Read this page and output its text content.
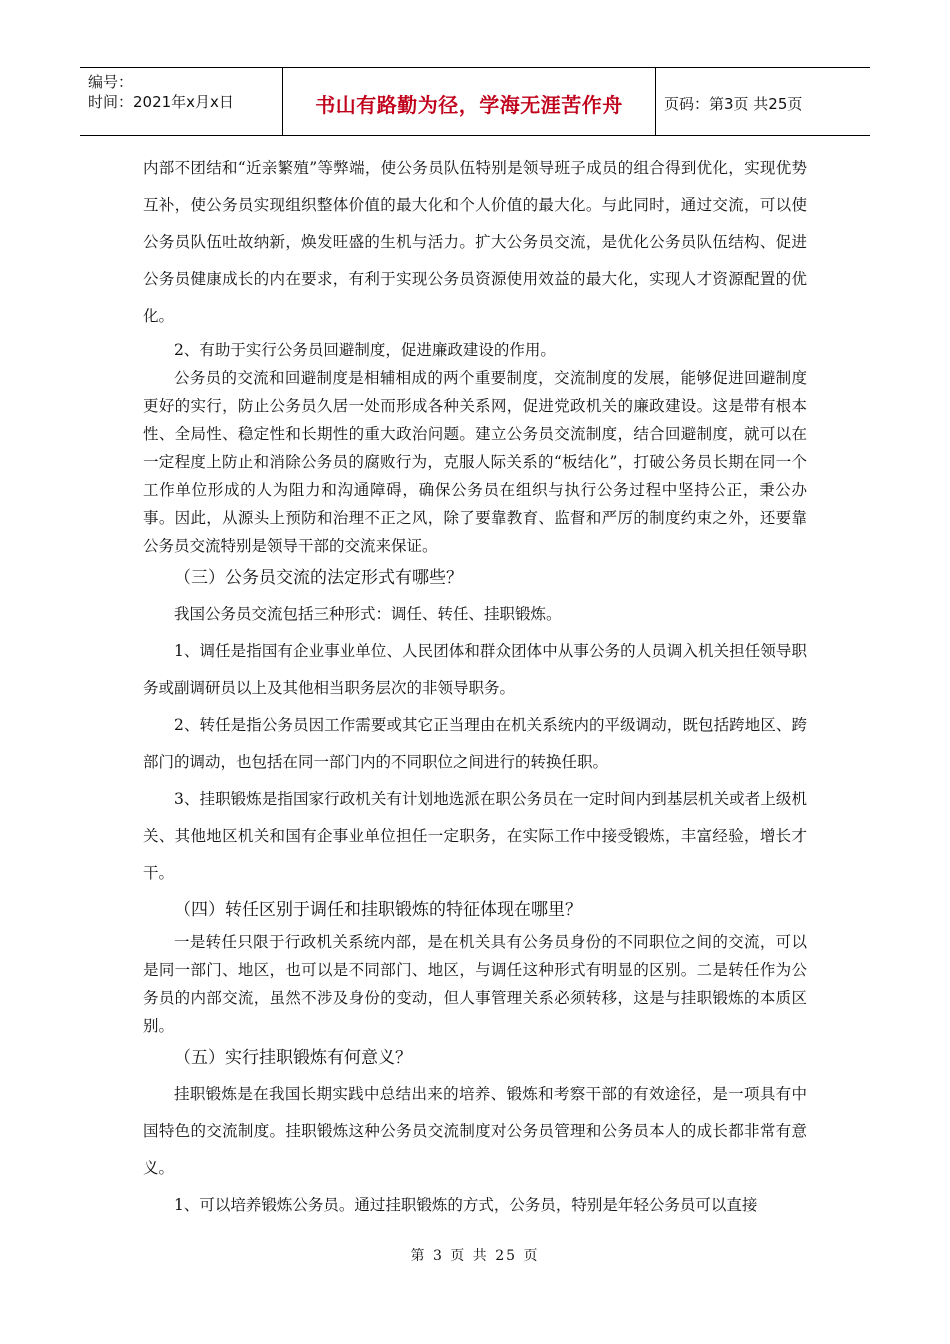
编号：
时间：2021年x月x日	书山有路勤为径，学海无涯苦作舟	页码：第3页 共25页

内部不团结和“近亲繁殖”等弊端，使公务员队伍特别是领导班子成员的组合得到优化，实现优势互补，使公务员实现组织整体价值的最大化和个人价值的最大化。与此同时，通过交流，可以使公务员队伍吐故纳新，焕发旺盛的生机与活力。扩大公务员交流，是优化公务员队伍结构、促进公务员健康成长的内在要求，有利于实现公务员资源使用效益的最大化，实现人才资源配置的优化。

2、有助于实行公务员回避制度，促进廉政建设的作用。

公务员的交流和回避制度是相辅相成的两个重要制度，交流制度的发展，能够促进回避制度更好的实行，防止公务员久居一处而形成各种关系网，促进党政机关的廉政建设。这是带有根本性、全局性、稳定性和长期性的重大政治问题。建立公务员交流制度，结合回避制度，就可以在一定程度上防止和消除公务员的腐败行为，克服人际关系的“板结化”，打破公务员长期在同一个工作单位形成的人为阻力和沟通障碍，确保公务员在组织与执行公务过程中坚持公正，秉公办事。因此，从源头上预防和治理不正之风，除了要靠教育、监督和严厉的制度约束之外，还要靠公务员交流特别是领导干部的交流来保证。

（三）公务员交流的法定形式有哪些？

我国公务员交流包括三种形式：调任、转任、挂职锻炼。

1、调任是指国有企业事业单位、人民团体和群众团体中从事公务的人员调入机关担任领导职务或副调研员以上及其他相当职务层次的非领导职务。

2、转任是指公务员因工作需要或其它正当理由在机关系统内的平级调动，既包括跨地区、跨部门的调动，也包括在同一部门内的不同职位之间进行的转换任职。

3、挂职锻炼是指国家行政机关有计划地选派在职公务员在一定时间内到基层机关或者上级机关、其他地区机关和国有企事业单位担任一定职务，在实际工作中接受锻炼，丰富经验，增长才干。

（四）转任区别于调任和挂职锻炼的特征体现在哪里？

一是转任只限于行政机关系统内部，是在机关具有公务员身份的不同职位之间的交流，可以是同一部门、地区，也可以是不同部门、地区，与调任这种形式有明显的区别。二是转任作为公务员的内部交流，虽然不涉及身份的变动，但人事管理关系必须转移，这是与挂职锻炼的本质区别。

（五）实行挂职锻炼有何意义？

挂职锻炼是在我国长期实践中总结出来的培养、锻炼和考察干部的有效途径，是一项具有中国特色的交流制度。挂职锻炼这种公务员交流制度对公务员管理和公务员本人的成长都非常有意义。

1、可以培养锻炼公务员。通过挂职锻炼的方式，公务员，特别是年轻公务员可以直接

第 3 页 共 25 页
